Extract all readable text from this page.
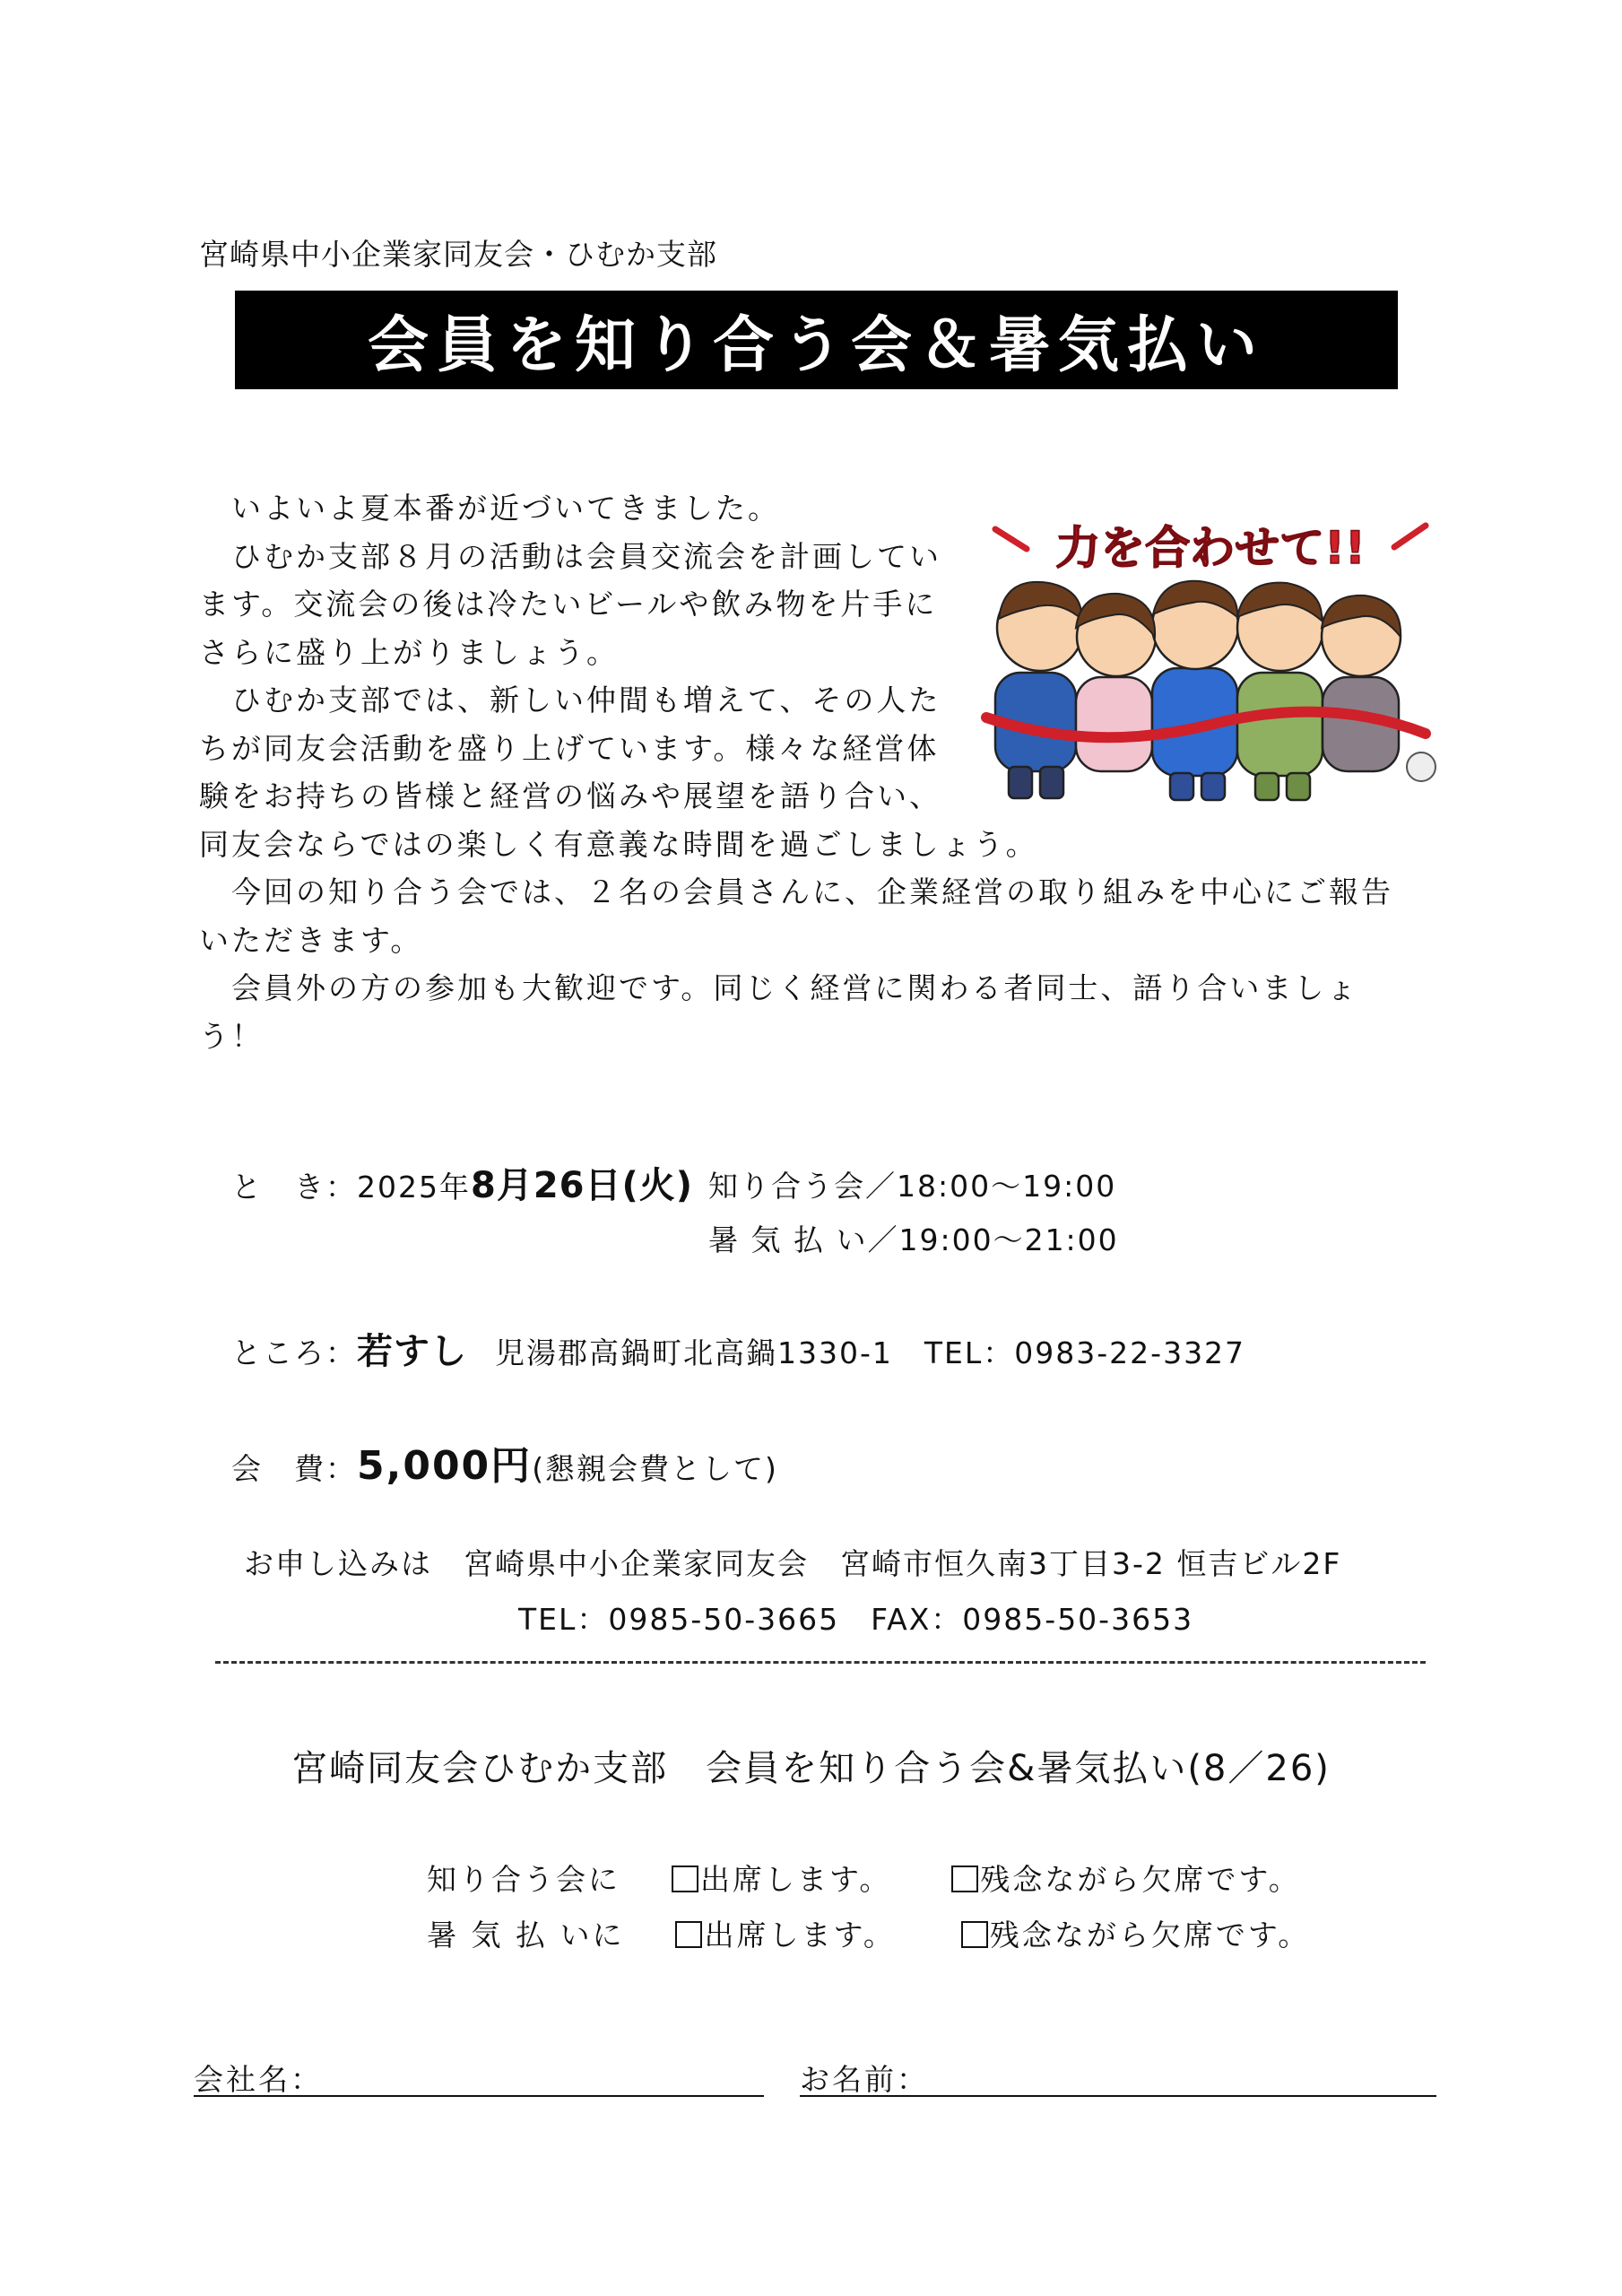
宮崎県中小企業家同友会・ひむか支部
会員を知り合う会＆暑気払い

　いよいよ夏本番が近づいてきました。

　ひむか支部８月の活動は会員交流会を計画してい

ます。交流会の後は冷たいビールや飲み物を片手に

さらに盛り上がりましょう。

　ひむか支部では、新しい仲間も増えて、その人た

ちが同友会活動を盛り上げています。様々な経営体

験をお持ちの皆様と経営の悩みや展望を語り合い、

同友会ならではの楽しく有意義な時間を過ごしましょう。

　今回の知り合う会では、２名の会員さんに、企業経営の取り組みを中心にご報告

いただきます。

　会員外の方の参加も大歓迎です。同じく経営に関わる者同士、語り合いましょ

う！

力を合わせて!!
と　き：2025年8月26日(火) 知り合う会／18:00～19:00
暑 気 払 い／19:00～21:00
ところ：若すし 児湯郡高鍋町北高鍋1330-1　TEL：0983-22-3327
会　費：5,000円(懇親会費として)
お申し込みは　宮崎県中小企業家同友会　宮崎市恒久南3丁目3-2 恒吉ビル2F
TEL：0985-50-3665　FAX：0985-50-3653
宮崎同友会ひむか支部　会員を知り合う会&暑気払い(8／26)
知り合う会に	出席します。	残念ながら欠席です。
暑 気 払 いに	出席します。	残念ながら欠席です。
会社名：	お名前：
